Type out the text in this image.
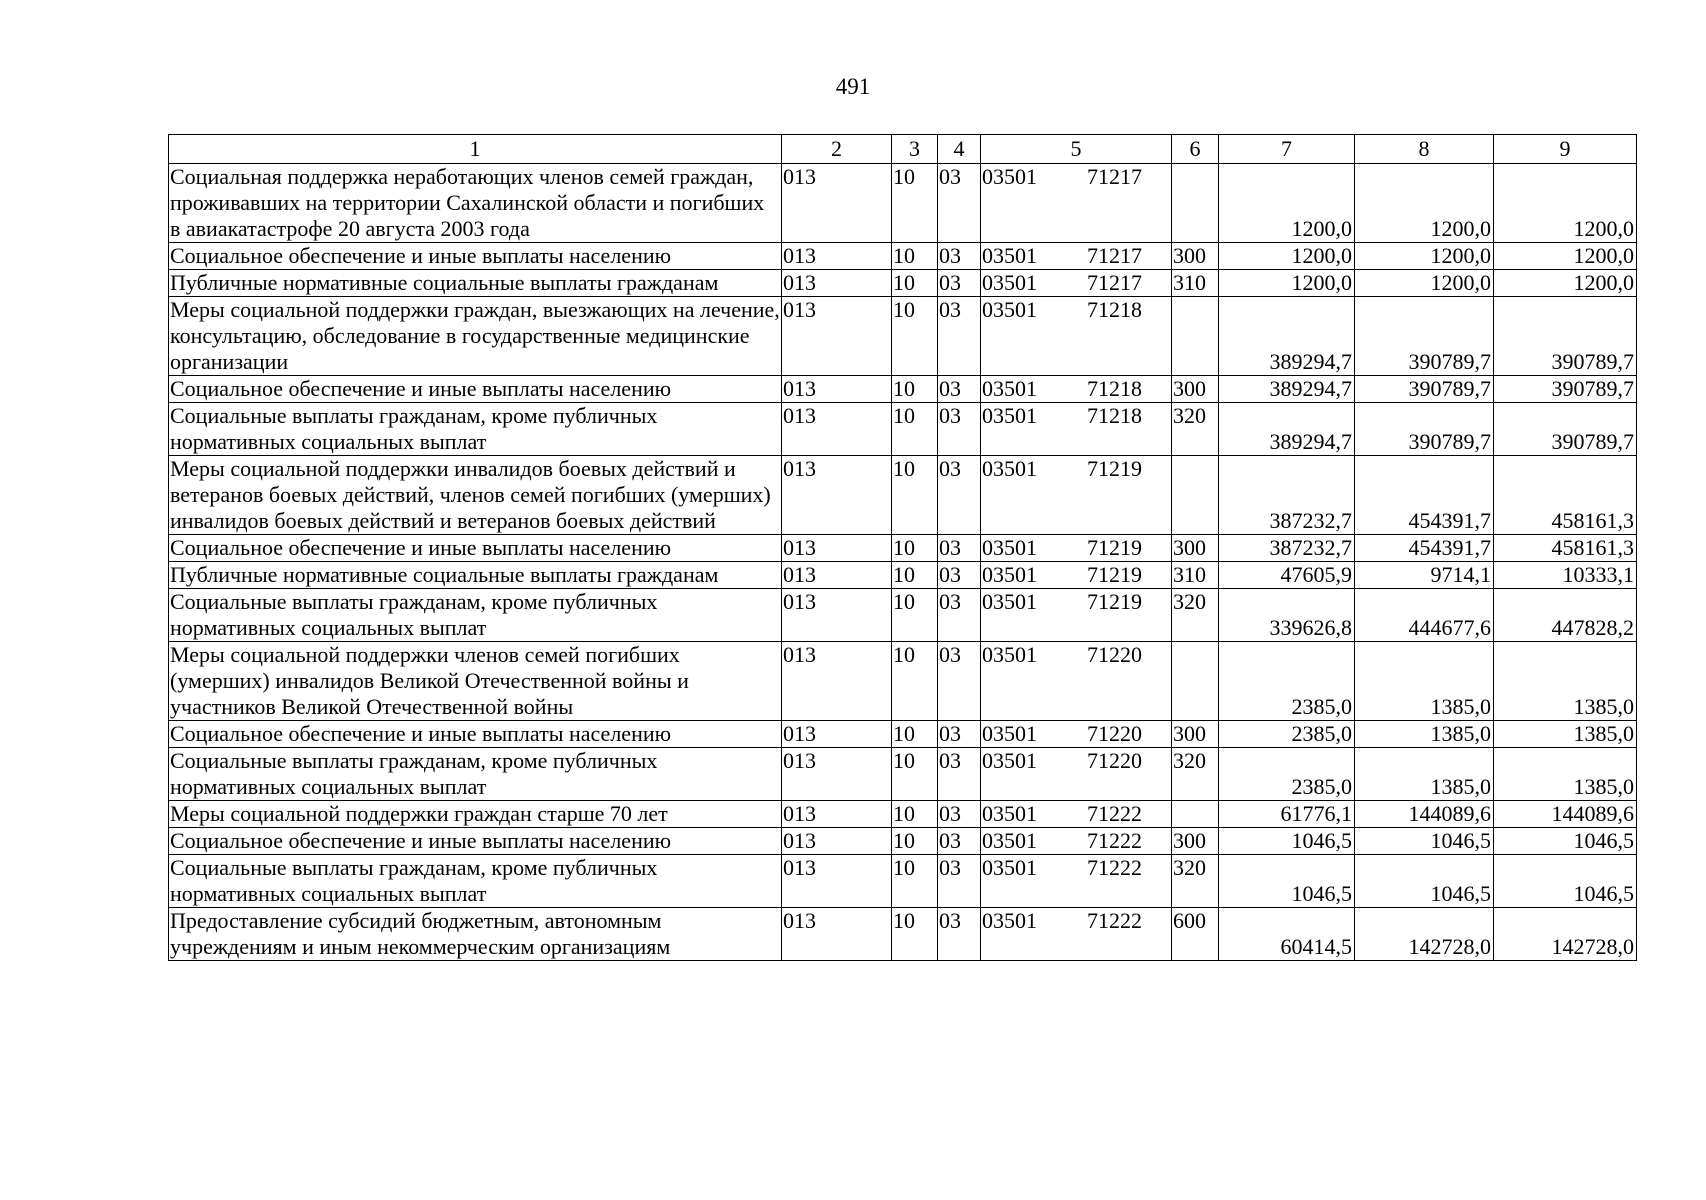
491
1	2	3	4	5	6	7	8	9
Социальная поддержка неработающих членов семей граждан, проживавших на территории Сахалинской области и погибших в авиакатастрофе 20 августа 2003 года	013	10	03	03501 71217		1200,0	1200,0	1200,0
Социальное обеспечение и иные выплаты населению	013	10	03	03501 71217	300	1200,0	1200,0	1200,0
Публичные нормативные социальные выплаты гражданам	013	10	03	03501 71217	310	1200,0	1200,0	1200,0
Меры социальной поддержки граждан, выезжающих на лечение, консультацию, обследование в государственные медицинские организации	013	10	03	03501 71218		389294,7	390789,7	390789,7
Социальное обеспечение и иные выплаты населению	013	10	03	03501 71218	300	389294,7	390789,7	390789,7
Социальные выплаты гражданам, кроме публичных нормативных социальных выплат	013	10	03	03501 71218	320	389294,7	390789,7	390789,7
Меры социальной поддержки инвалидов боевых действий и ветеранов боевых действий, членов семей погибших (умерших) инвалидов боевых действий и ветеранов боевых действий	013	10	03	03501 71219		387232,7	454391,7	458161,3
Социальное обеспечение и иные выплаты населению	013	10	03	03501 71219	300	387232,7	454391,7	458161,3
Публичные нормативные социальные выплаты гражданам	013	10	03	03501 71219	310	47605,9	9714,1	10333,1
Социальные выплаты гражданам, кроме публичных нормативных социальных выплат	013	10	03	03501 71219	320	339626,8	444677,6	447828,2
Меры социальной поддержки членов семей погибших (умерших) инвалидов Великой Отечественной войны и участников Великой Отечественной войны	013	10	03	03501 71220		2385,0	1385,0	1385,0
Социальное обеспечение и иные выплаты населению	013	10	03	03501 71220	300	2385,0	1385,0	1385,0
Социальные выплаты гражданам, кроме публичных нормативных социальных выплат	013	10	03	03501 71220	320	2385,0	1385,0	1385,0
Меры социальной поддержки граждан старше 70 лет	013	10	03	03501 71222		61776,1	144089,6	144089,6
Социальное обеспечение и иные выплаты населению	013	10	03	03501 71222	300	1046,5	1046,5	1046,5
Социальные выплаты гражданам, кроме публичных нормативных социальных выплат	013	10	03	03501 71222	320	1046,5	1046,5	1046,5
Предоставление субсидий бюджетным, автономным учреждениям и иным некоммерческим организациям	013	10	03	03501 71222	600	60414,5	142728,0	142728,0
